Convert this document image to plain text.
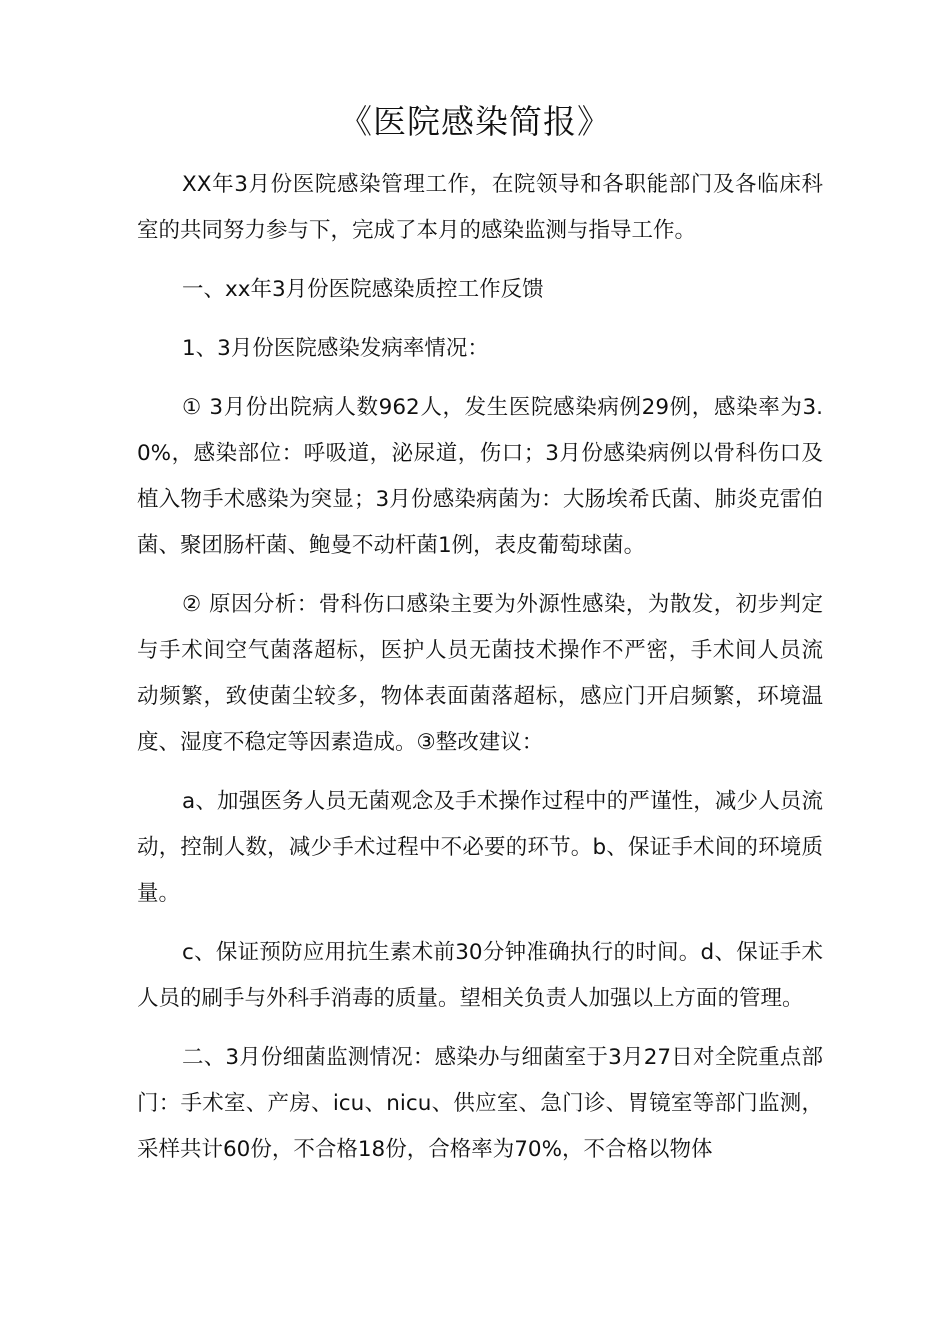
《医院感染简报》

XX年3月份医院感染管理工作，在院领导和各职能部门及各临床科室的共同努力参与下，完成了本月的感染监测与指导工作。

一、xx年3月份医院感染质控工作反馈

1、3月份医院感染发病率情况：

① 3月份出院病人数962人，发生医院感染病例29例，感染率为3.0%，感染部位：呼吸道，泌尿道，伤口；3月份感染病例以骨科伤口及植入物手术感染为突显；3月份感染病菌为：大肠埃希氏菌、肺炎克雷伯菌、聚团肠杆菌、鲍曼不动杆菌1例，表皮葡萄球菌。

② 原因分析：骨科伤口感染主要为外源性感染，为散发，初步判定与手术间空气菌落超标，医护人员无菌技术操作不严密，手术间人员流动频繁，致使菌尘较多，物体表面菌落超标，感应门开启频繁，环境温度、湿度不稳定等因素造成。③整改建议：

a、加强医务人员无菌观念及手术操作过程中的严谨性，减少人员流动，控制人数，减少手术过程中不必要的环节。b、保证手术间的环境质量。

c、保证预防应用抗生素术前30分钟准确执行的时间。d、保证手术人员的刷手与外科手消毒的质量。望相关负责人加强以上方面的管理。

二、3月份细菌监测情况：感染办与细菌室于3月27日对全院重点部门：手术室、产房、icu、nicu、供应室、急门诊、胃镜室等部门监测，采样共计60份，不合格18份，合格率为70%，不合格以物体
